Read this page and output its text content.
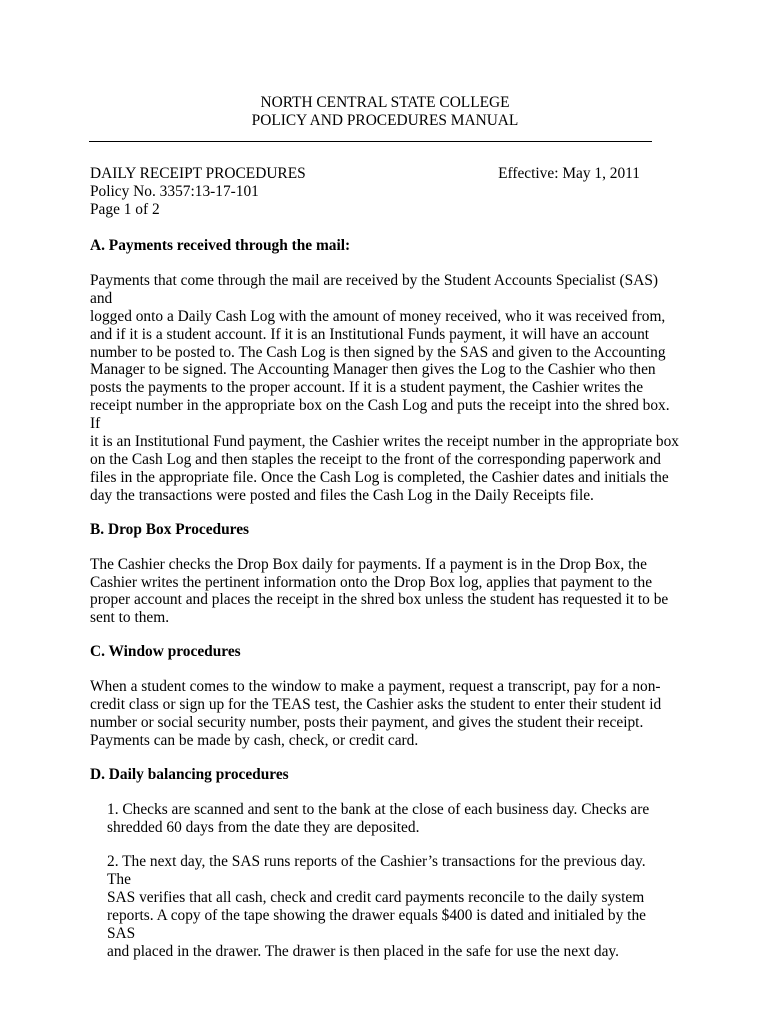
NORTH CENTRAL STATE COLLEGE
POLICY AND PROCEDURES MANUAL
DAILY RECEIPT PROCEDURES	Effective: May 1, 2011
Policy No. 3357:13-17-101
Page 1 of 2
A. Payments received through the mail:

Payments that come through the mail are received by the Student Accounts Specialist (SAS) and

logged onto a Daily Cash Log with the amount of money received, who it was received from,

and if it is a student account. If it is an Institutional Funds payment, it will have an account

number to be posted to. The Cash Log is then signed by the SAS and given to the Accounting

Manager to be signed. The Accounting Manager then gives the Log to the Cashier who then

posts the payments to the proper account. If it is a student payment, the Cashier writes the

receipt number in the appropriate box on the Cash Log and puts the receipt into the shred box. If

it is an Institutional Fund payment, the Cashier writes the receipt number in the appropriate box

on the Cash Log and then staples the receipt to the front of the corresponding paperwork and

files in the appropriate file. Once the Cash Log is completed, the Cashier dates and initials the

day the transactions were posted and files the Cash Log in the Daily Receipts file.

B. Drop Box Procedures

The Cashier checks the Drop Box daily for payments. If a payment is in the Drop Box, the

Cashier writes the pertinent information onto the Drop Box log, applies that payment to the

proper account and places the receipt in the shred box unless the student has requested it to be

sent to them.

C. Window procedures

When a student comes to the window to make a payment, request a transcript, pay for a non-

credit class or sign up for the TEAS test, the Cashier asks the student to enter their student id

number or social security number, posts their payment, and gives the student their receipt.

Payments can be made by cash, check, or credit card.

D. Daily balancing procedures

1. Checks are scanned and sent to the bank at the close of each business day. Checks are

shredded 60 days from the date they are deposited.

2. The next day, the SAS runs reports of the Cashier’s transactions for the previous day. The

SAS verifies that all cash, check and credit card payments reconcile to the daily system

reports. A copy of the tape showing the drawer equals $400 is dated and initialed by the SAS

and placed in the drawer. The drawer is then placed in the safe for use the next day.
